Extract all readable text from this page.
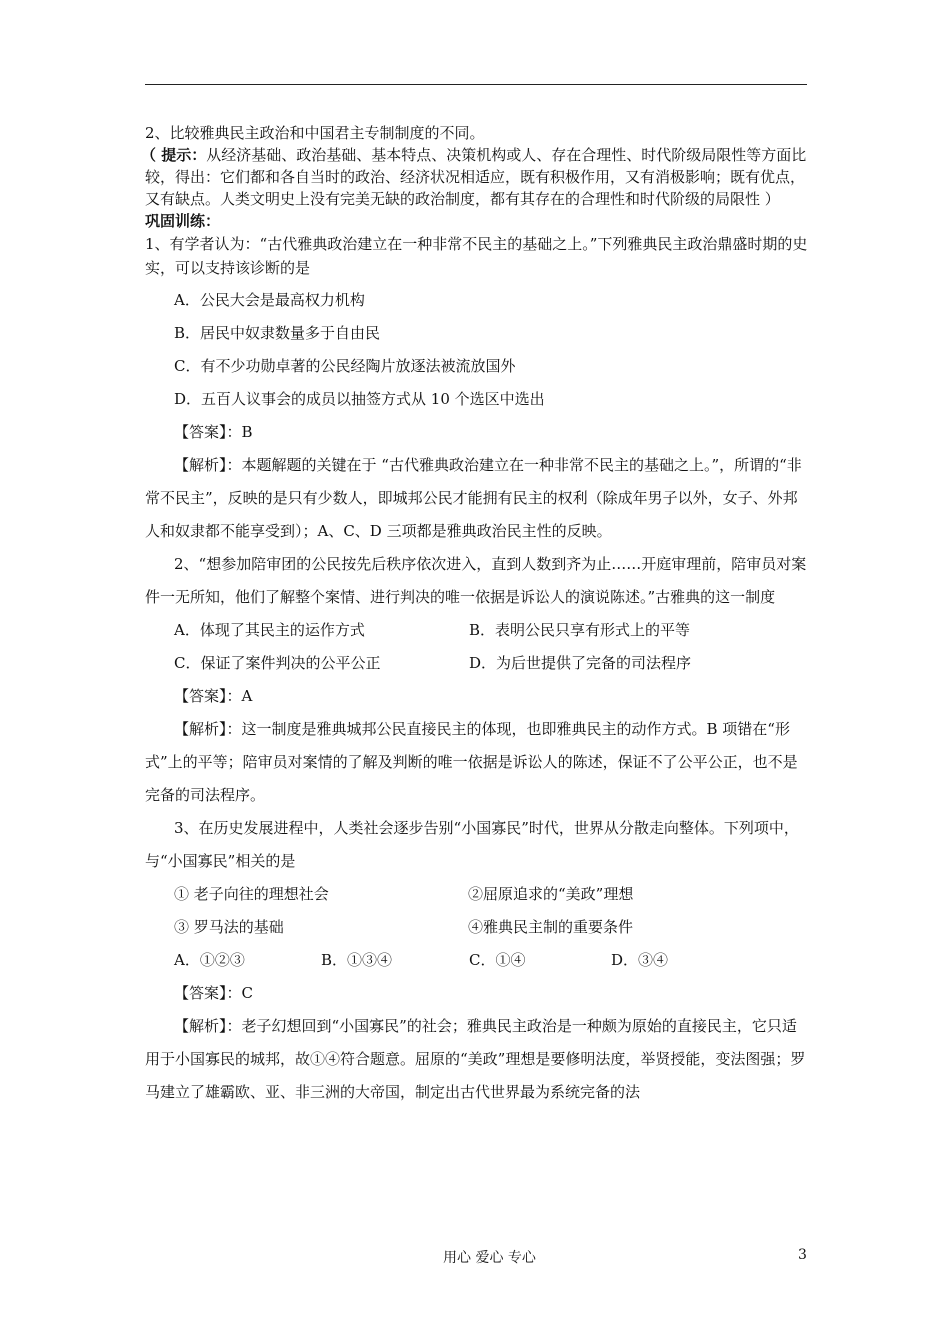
2、比较雅典民主政治和中国君主专制制度的不同。

（ 提示：从经济基础、政治基础、基本特点、决策机构或人、存在合理性、时代阶级局限性等方面比较，得出：它们都和各自当时的政治、经济状况相适应，既有积极作用，又有消极影响；既有优点，又有缺点。人类文明史上没有完美无缺的政治制度，都有其存在的合理性和时代阶级的局限性 ）

巩固训练：

1、有学者认为：“古代雅典政治建立在一种非常不民主的基础之上。”下列雅典民主政治鼎盛时期的史实，可以支持该诊断的是

A．公民大会是最高权力机构

B．居民中奴隶数量多于自由民

C．有不少功勋卓著的公民经陶片放逐法被流放国外

D．五百人议事会的成员以抽签方式从 10 个选区中选出

【答案】：B

【解析】：本题解题的关键在于 “古代雅典政治建立在一种非常不民主的基础之上。”，所谓的“非常不民主”，反映的是只有少数人，即城邦公民才能拥有民主的权利（除成年男子以外，女子、外邦人和奴隶都不能享受到）；A、C、D 三项都是雅典政治民主性的反映。

2、“想参加陪审团的公民按先后秩序依次进入，直到人数到齐为止……开庭审理前，陪审员对案件一无所知，他们了解整个案情、进行判决的唯一依据是诉讼人的演说陈述。”古雅典的这一制度

A．体现了其民主的运作方式	B．表明公民只享有形式上的平等
C．保证了案件判决的公平公正	D．为后世提供了完备的司法程序

【答案】：A

【解析】：这一制度是雅典城邦公民直接民主的体现，也即雅典民主的动作方式。B 项错在“形式”上的平等；陪审员对案情的了解及判断的唯一依据是诉讼人的陈述，保证不了公平公正，也不是完备的司法程序。

3、在历史发展进程中，人类社会逐步告别“小国寡民”时代，世界从分散走向整体。下列项中，与“小国寡民”相关的是

① 老子向往的理想社会	②屈原追求的“美政”理想
③ 罗马法的基础	④雅典民主制的重要条件
A．①②③	B．①③④	C．①④	D．③④

【答案】：C

【解析】：老子幻想回到“小国寡民”的社会；雅典民主政治是一种颇为原始的直接民主，它只适用于小国寡民的城邦，故①④符合题意。屈原的“美政”理想是要修明法度，举贤授能，变法图强；罗马建立了雄霸欧、亚、非三洲的大帝国，制定出古代世界最为系统完备的法

用心 爱心 专心	3
